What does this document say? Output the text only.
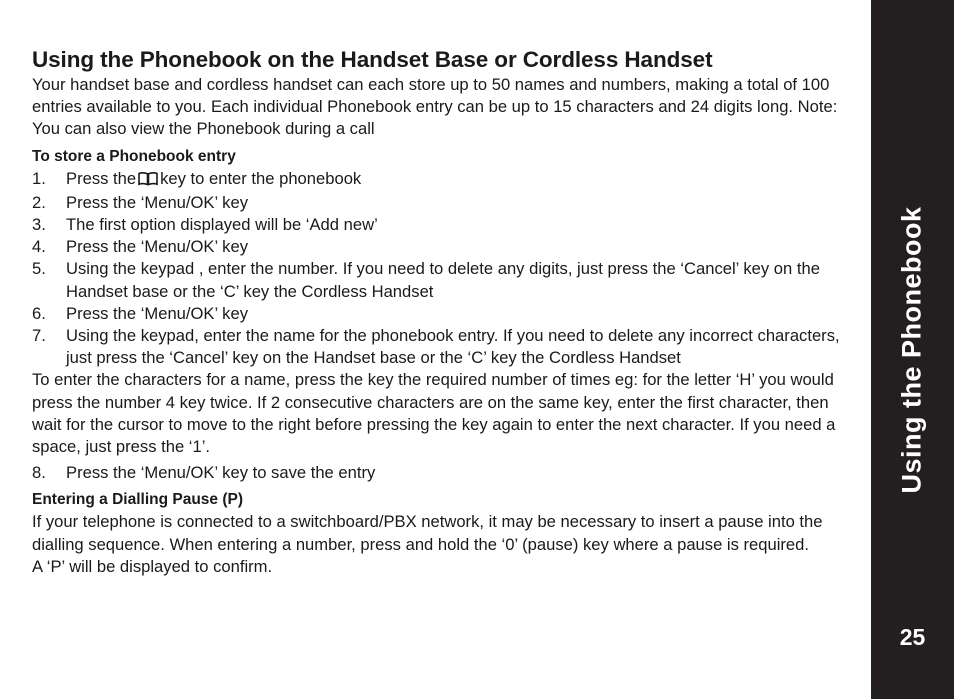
Using the Phonebook on the Handset Base or Cordless Handset

Your handset base and cordless handset can each store up to 50 names and numbers, making a total of 100 entries available to you. Each individual Phonebook entry can be up to 15 characters and 24 digits long. Note: You can also view the Phonebook during a call

To store a Phonebook entry

1.	Press the key to enter the phonebook
2.	Press the ‘Menu/OK’ key
3.	The first option displayed will be ‘Add new’
4.	Press the ‘Menu/OK’ key
5.	Using the keypad , enter the number. If you need to delete any digits, just press the ‘Cancel’ key on the Handset base or the ‘C’ key the Cordless Handset
6.	Press the ‘Menu/OK’ key
7.	Using the keypad, enter the name for the phonebook entry. If you need to delete any incorrect characters, just press the ‘Cancel’ key on the Handset base or the ‘C’ key the Cordless Handset

To enter the characters for a name, press the key the required number of times eg: for the letter ‘H’ you would press the number 4 key twice. If 2 consecutive characters are on the same key, enter the first character, then wait for the cursor to move to the right before pressing the key again to enter the next character. If you need a space, just press the ‘1’.

8.	Press the ‘Menu/OK’ key to save the entry

Entering a Dialling Pause (P)

If your telephone is connected to a switchboard/PBX network, it may be necessary to insert a pause into the dialling sequence. When entering a number, press and hold the ‘0’ (pause) key where a pause is required.

A ‘P’ will be displayed to confirm.

Using the Phonebook
25
